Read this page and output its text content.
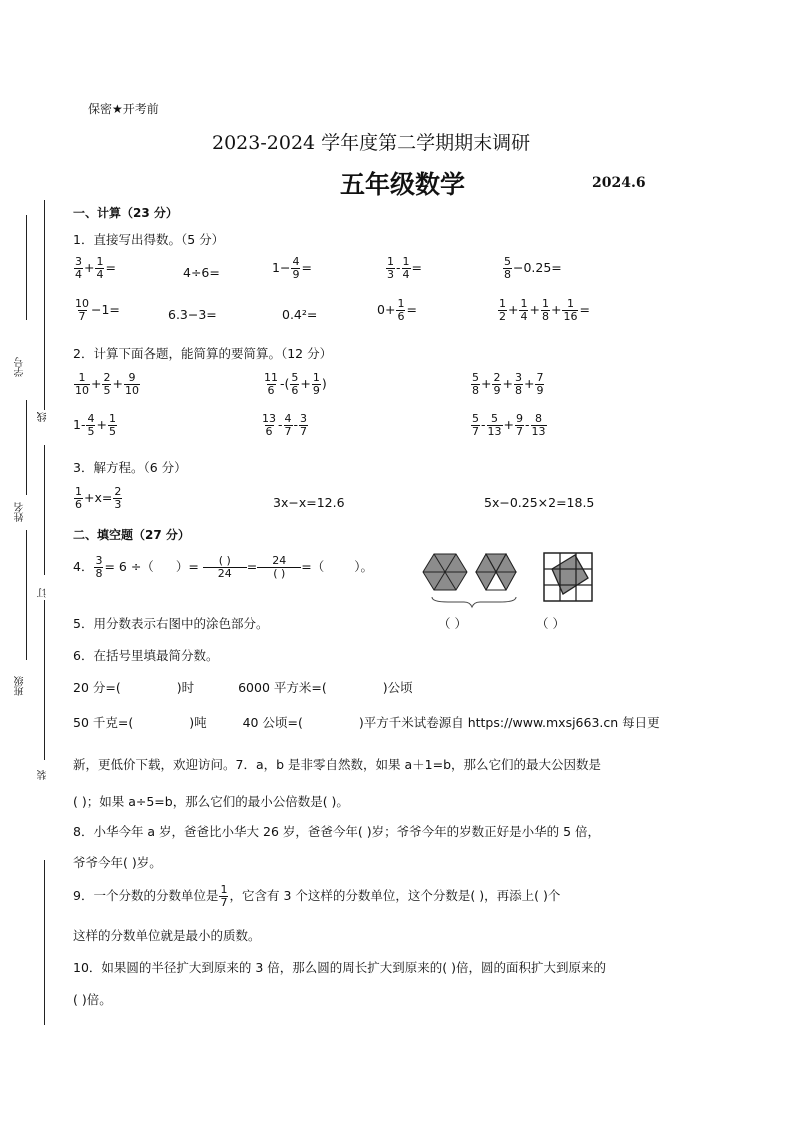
学号
线
姓名
订
班级
装
保密★开考前
2023-2024 学年度第二学期期末调研
五年级数学	2024.6
一、计算（23 分）
1．直接写出得数。（5 分）
$\frac{3}{4} + \frac{1}{4}$ =	4÷6=	$1- \frac{4}{9}$ =	$\frac{1}{3} - \frac{1}{4}$ =	$\frac{5}{8} -0.25=$
$\frac{10}{7} -1=$	6.3−3=	0.4²=	$0+ \frac{1}{6}$ =	$\frac{1}{2} + \frac{1}{4} + \frac{1}{8} + \frac{1}{16}$ =
2．计算下面各题，能简算的要简算。（12 分）
$\frac{1}{10} + \frac{2}{5} + \frac{9}{10}$	$\frac{11}{6}$ -( $\frac{5}{6} + \frac{1}{9}$ )	$\frac{5}{8} + \frac{2}{9} + \frac{3}{8} + \frac{7}{9}$
$1- \frac{4}{5} + \frac{1}{5}$	$\frac{13}{6} - \frac{4}{7} - \frac{3}{7}$	$\frac{5}{7} - \frac{5}{13} + \frac{9}{7} - \frac{8}{13}$
3．解方程。（6 分）
$\frac{1}{6} +x= \frac{2}{3}$	3x−x=12.6	5x−0.25×2=18.5
二、填空题（27 分）
4． $\frac{3}{8} = 6$ ÷（ ）= ( )
24	= 24
( )	=（ ）。
5．用分数表示右图中的涂色部分。	（ ）	（ ）
6．在括号里填最简分数。
20 分=(	)时	6000 平方米=(	)公顷
50 千克=(	)吨	40 公顷=(	)平方千米试卷源自 https://www.mxsj663.cn 每日更
新，更低价下载，欢迎访问。7．a，b 是非零自然数，如果 a＋1=b，那么它们的最大公因数是
( )；如果 a÷5=b，那么它们的最小公倍数是( )。
8．小华今年 a 岁，爸爸比小华大 26 岁，爸爸今年( )岁；爷爷今年的岁数正好是小华的 5 倍，
爷爷今年( )岁。
9．一个分数的分数单位是 $\frac{1}{7}$ ，它含有 3 个这样的分数单位，这个分数是( )，再添上( )个
这样的分数单位就是最小的质数。
10．如果圆的半径扩大到原来的 3 倍，那么圆的周长扩大到原来的( )倍，圆的面积扩大到原来的
( )倍。
